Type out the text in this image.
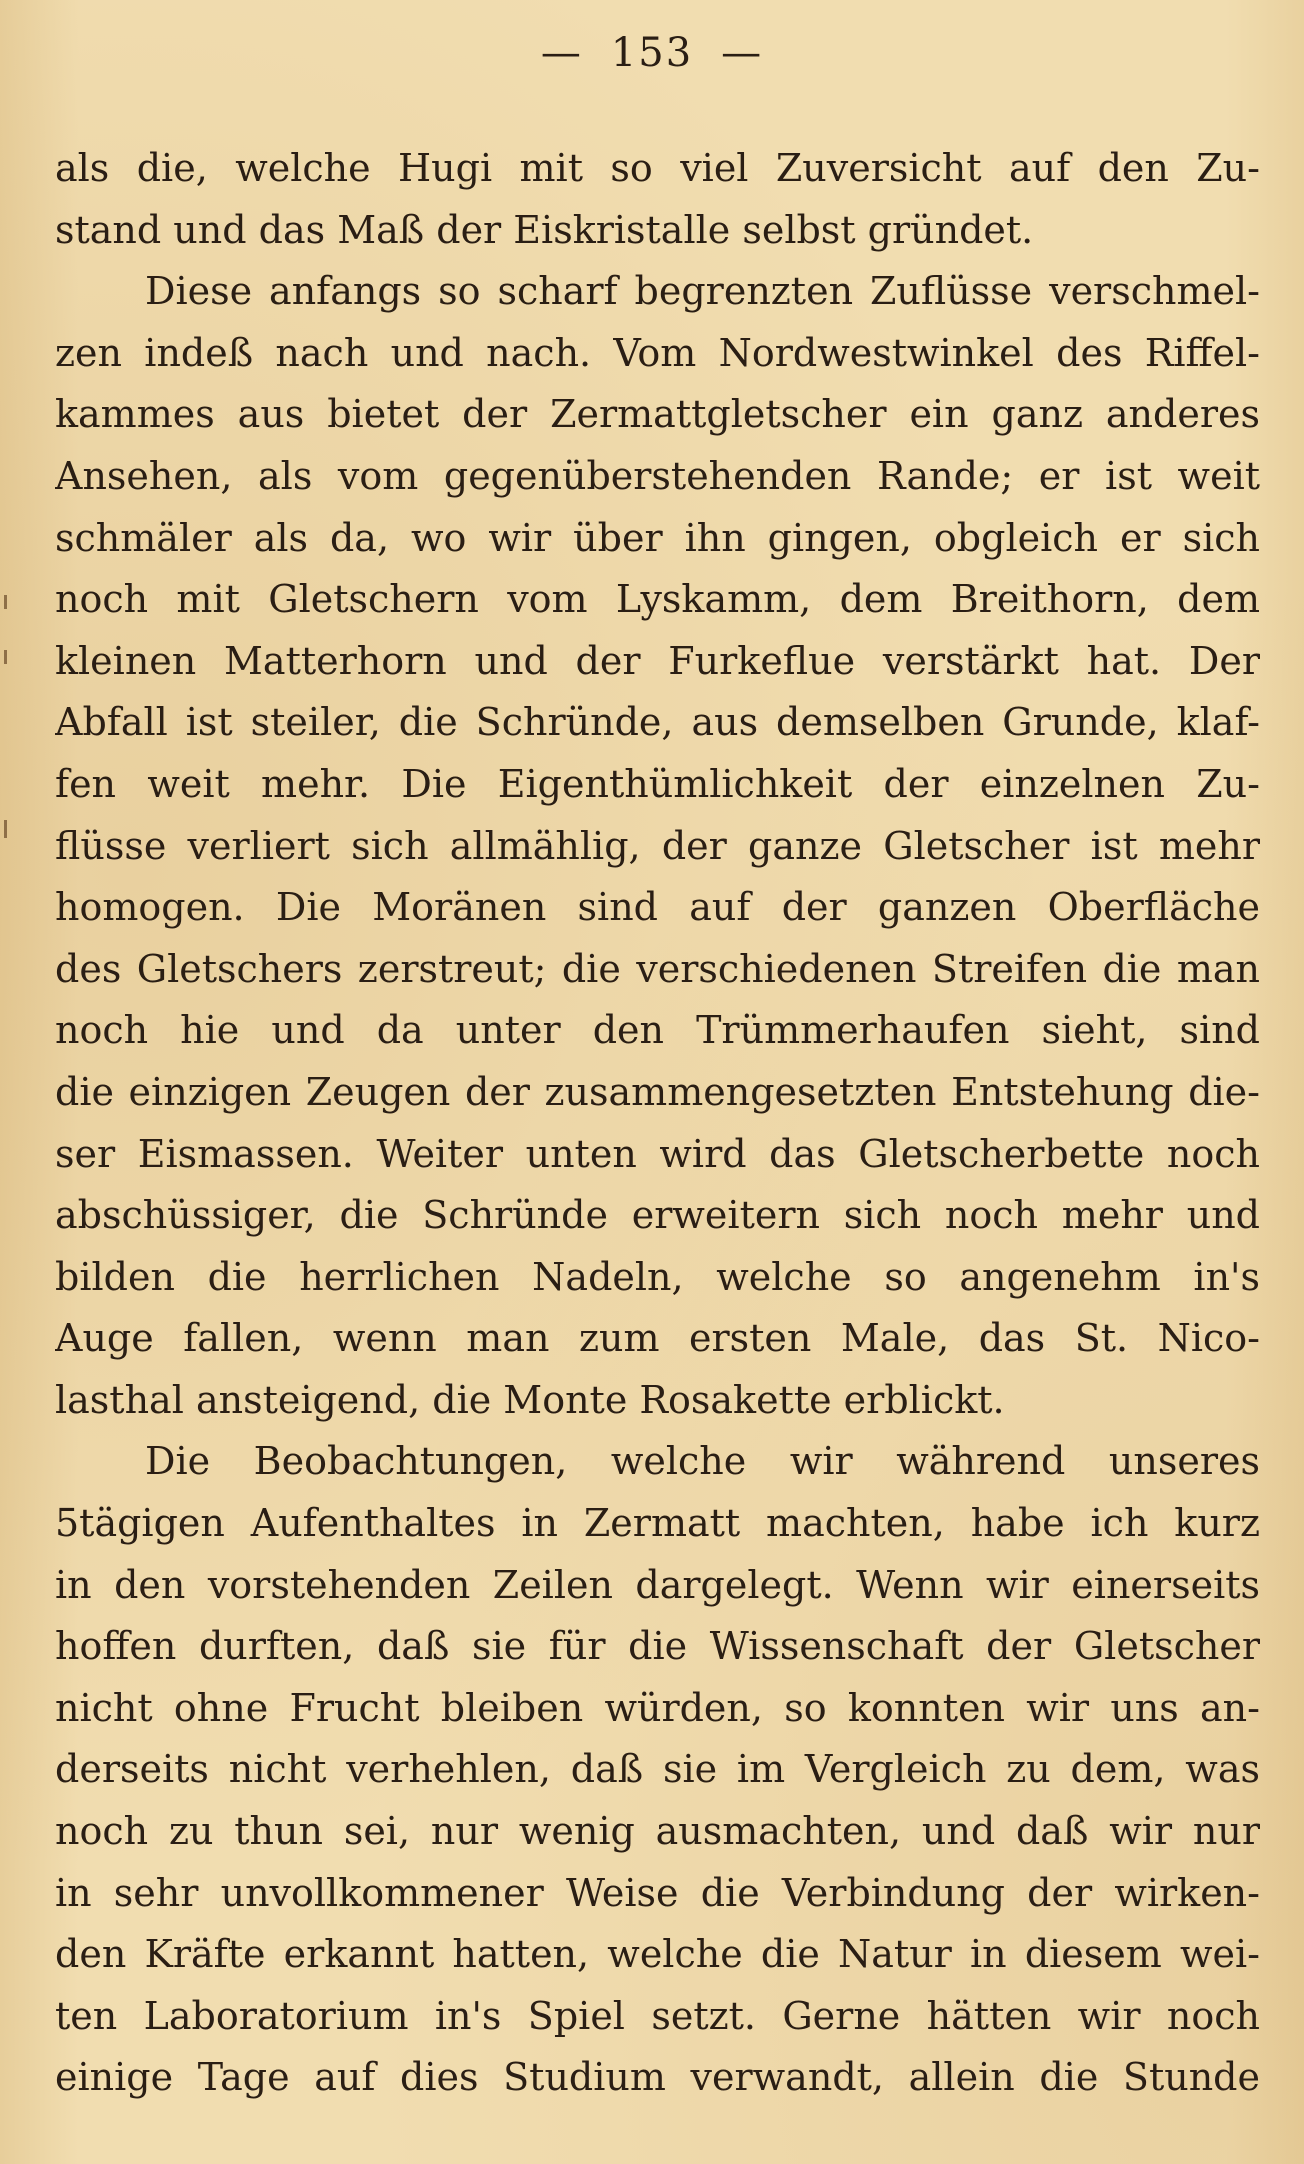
— 153 —
als die, welche Hugi mit so viel Zuversicht auf den Zu-
stand und das Maß der Eiskristalle selbst gründet.
Diese anfangs so scharf begrenzten Zuflüsse verschmel-
zen indeß nach und nach. Vom Nordwestwinkel des Riffel-
kammes aus bietet der Zermattgletscher ein ganz anderes
Ansehen, als vom gegenüberstehenden Rande; er ist weit
schmäler als da, wo wir über ihn gingen, obgleich er sich
noch mit Gletschern vom Lyskamm, dem Breithorn, dem
kleinen Matterhorn und der Furkeflue verstärkt hat. Der
Abfall ist steiler, die Schründe, aus demselben Grunde, klaf-
fen weit mehr. Die Eigenthümlichkeit der einzelnen Zu-
flüsse verliert sich allmählig, der ganze Gletscher ist mehr
homogen. Die Moränen sind auf der ganzen Oberfläche
des Gletschers zerstreut; die verschiedenen Streifen die man
noch hie und da unter den Trümmerhaufen sieht, sind
die einzigen Zeugen der zusammengesetzten Entstehung die-
ser Eismassen. Weiter unten wird das Gletscherbette noch
abschüssiger, die Schründe erweitern sich noch mehr und
bilden die herrlichen Nadeln, welche so angenehm in's
Auge fallen, wenn man zum ersten Male, das St. Nico-
lasthal ansteigend, die Monte Rosakette erblickt.
Die Beobachtungen, welche wir während unseres
5tägigen Aufenthaltes in Zermatt machten, habe ich kurz
in den vorstehenden Zeilen dargelegt. Wenn wir einerseits
hoffen durften, daß sie für die Wissenschaft der Gletscher
nicht ohne Frucht bleiben würden, so konnten wir uns an-
derseits nicht verhehlen, daß sie im Vergleich zu dem, was
noch zu thun sei, nur wenig ausmachten, und daß wir nur
in sehr unvollkommener Weise die Verbindung der wirken-
den Kräfte erkannt hatten, welche die Natur in diesem wei-
ten Laboratorium in's Spiel setzt. Gerne hätten wir noch
einige Tage auf dies Studium verwandt, allein die Stunde
